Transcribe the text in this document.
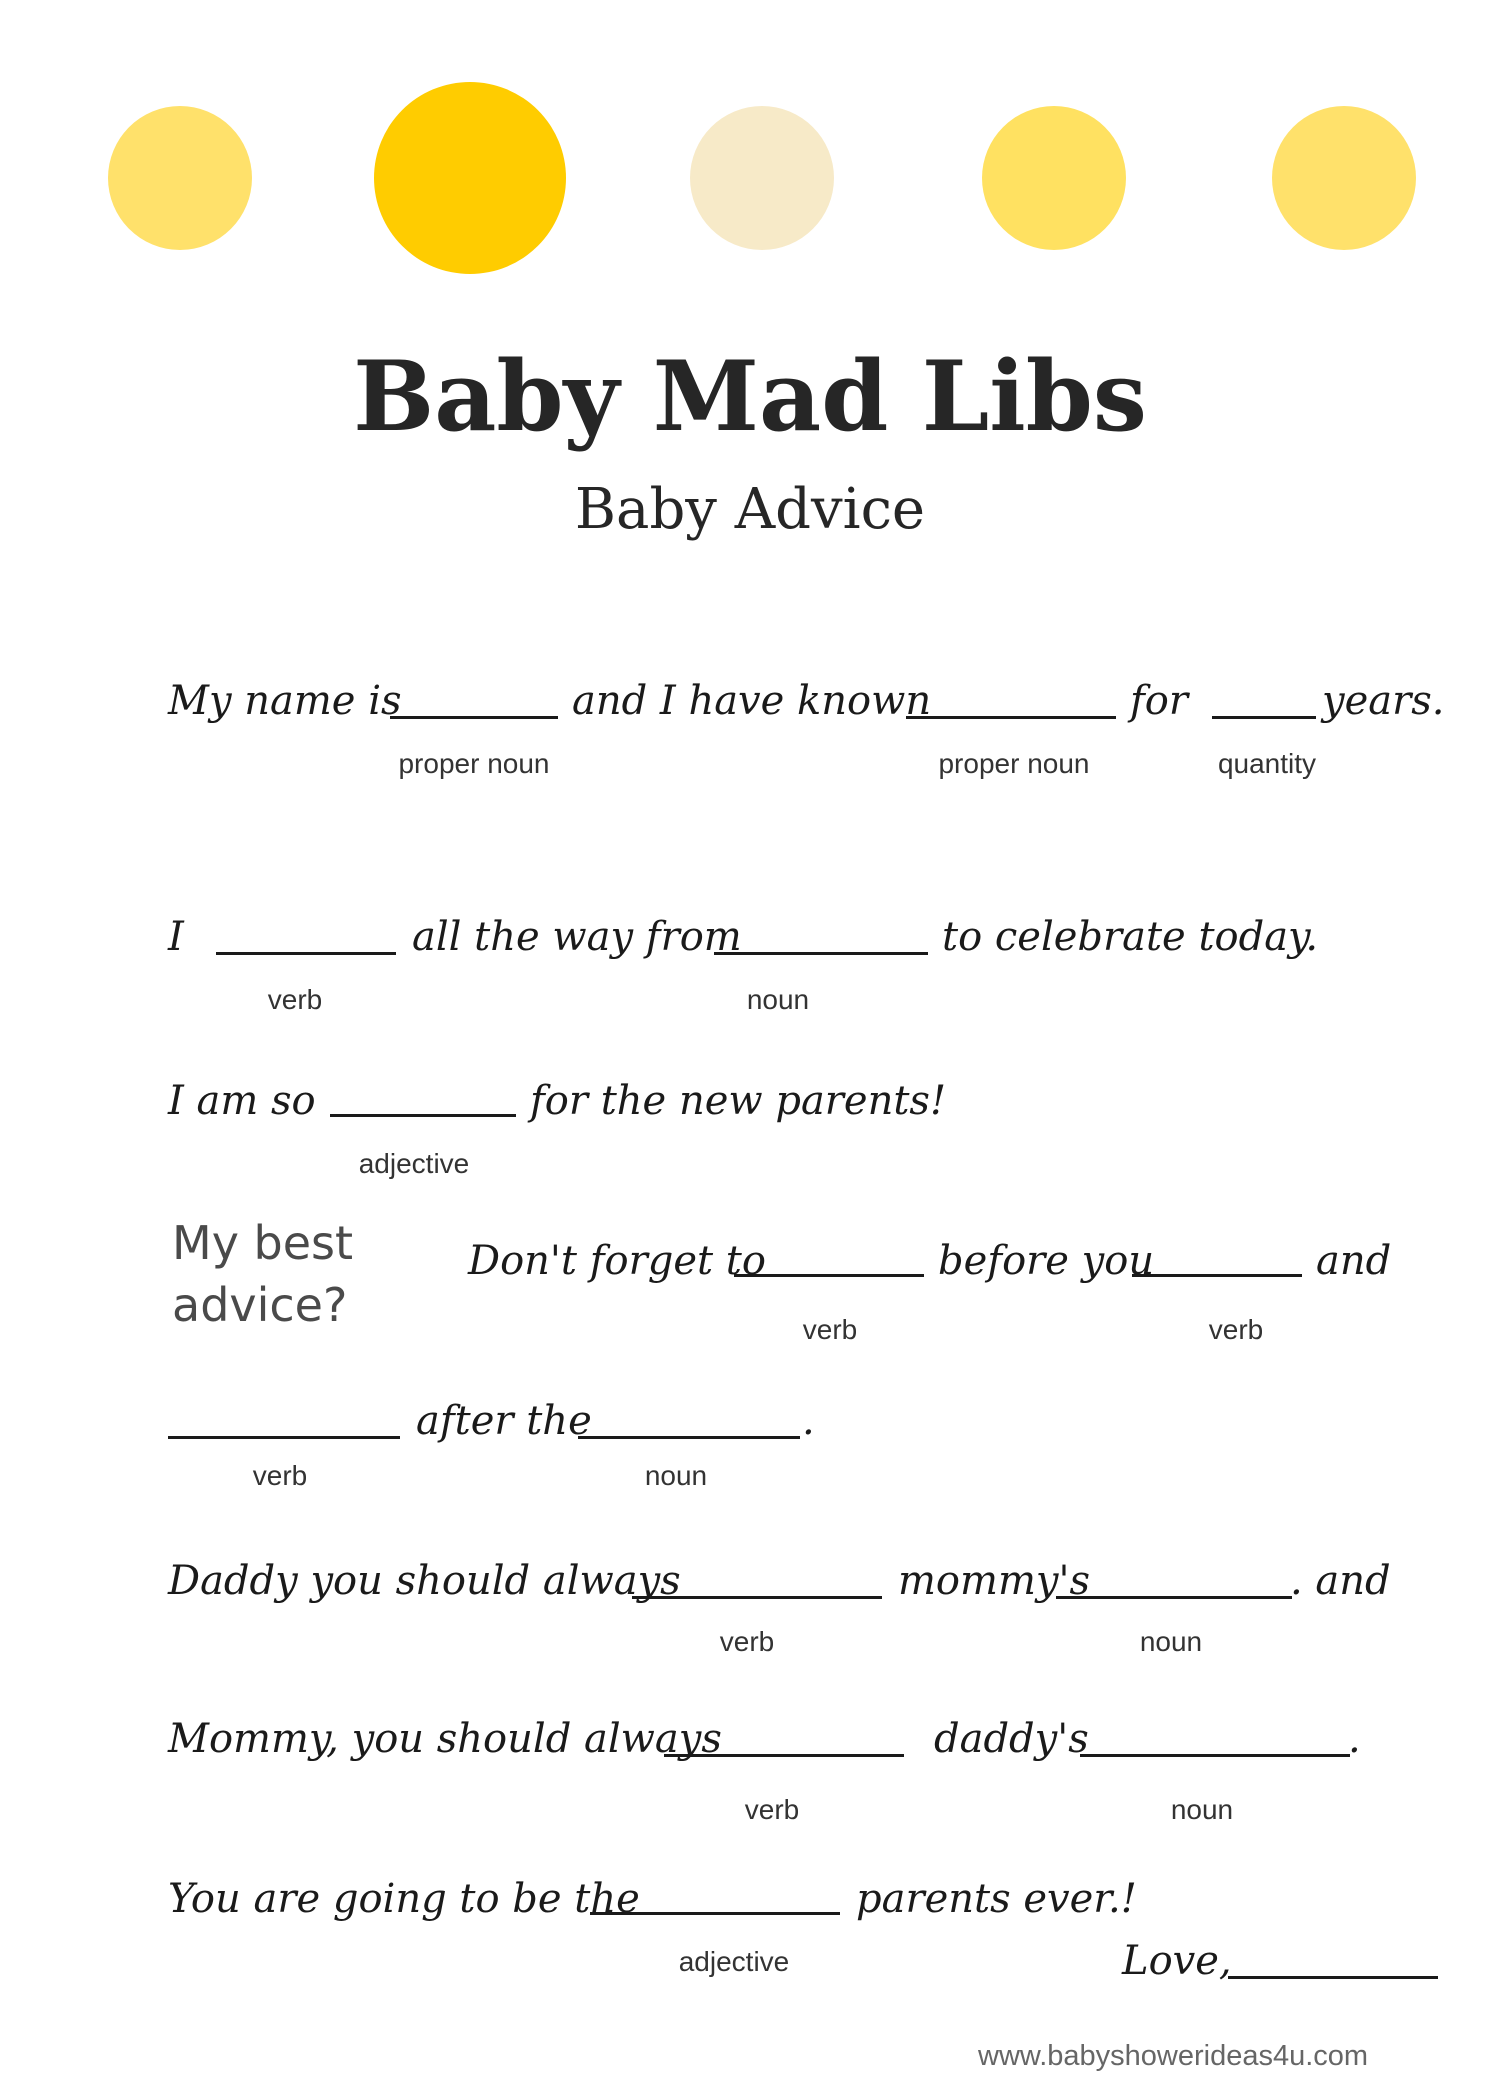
Baby Mad Libs
Baby Advice
My name is	and I have known	for	years.
proper noun	proper noun	quantity
I	all the way from	to celebrate today.
verb	noun
I am so	for the new parents!
adjective
My best
advice?
Don't forget to	before you	and
verb	verb
after the	.
verb	noun
Daddy you should always	mommy's	. and
verb	noun
Mommy, you should always	daddy's	.
verb	noun
You are going to be the	parents ever.!
adjective	Love,
www.babyshowerideas4u.com
